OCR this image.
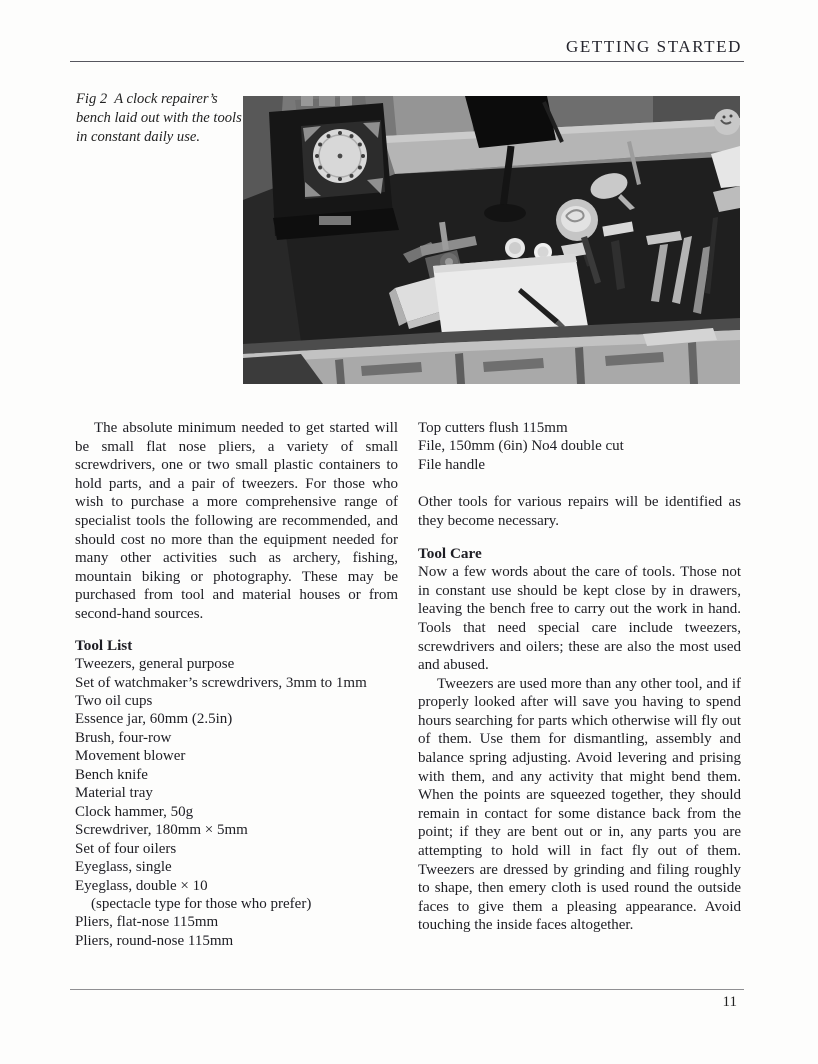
GETTING STARTED
Fig 2 A clock repairer’s bench laid out with the tools in constant daily use.

The absolute minimum needed to get started will be small flat nose pliers, a variety of small screwdrivers, one or two small plastic containers to hold parts, and a pair of tweezers. For those who wish to purchase a more comprehensive range of specialist tools the following are recommended, and should cost no more than the equipment needed for many other activities such as archery, fishing, mountain biking or photography. These may be purchased from tool and material houses or from second-hand sources.

Tool List
Tweezers, general purpose
Set of watchmaker’s screwdrivers, 3mm to 1mm
Two oil cups
Essence jar, 60mm (2.5in)
Brush, four-row
Movement blower
Bench knife
Material tray
Clock hammer, 50g
Screwdriver, 180mm × 5mm
Set of four oilers
Eyeglass, single
Eyeglass, double × 10
(spectacle type for those who prefer)
Pliers, flat-nose 115mm
Pliers, round-nose 115mm
Top cutters flush 115mm
File, 150mm (6in) No4 double cut
File handle

Other tools for various repairs will be identified as they become necessary.

Tool Care

Now a few words about the care of tools. Those not in constant use should be kept close by in drawers, leaving the bench free to carry out the work in hand. Tools that need special care include tweezers, screwdrivers and oilers; these are also the most used and abused.

Tweezers are used more than any other tool, and if properly looked after will save you having to spend hours searching for parts which otherwise will fly out of them. Use them for dismantling, assembly and balance spring adjusting. Avoid levering and prising with them, and any activity that might bend them. When the points are squeezed together, they should remain in contact for some distance back from the point; if they are bent out or in, any parts you are attempting to hold will in fact fly out of them. Tweezers are dressed by grinding and filing roughly to shape, then emery cloth is used round the outside faces to give them a pleasing appearance. Avoid touching the inside faces altogether.

11
